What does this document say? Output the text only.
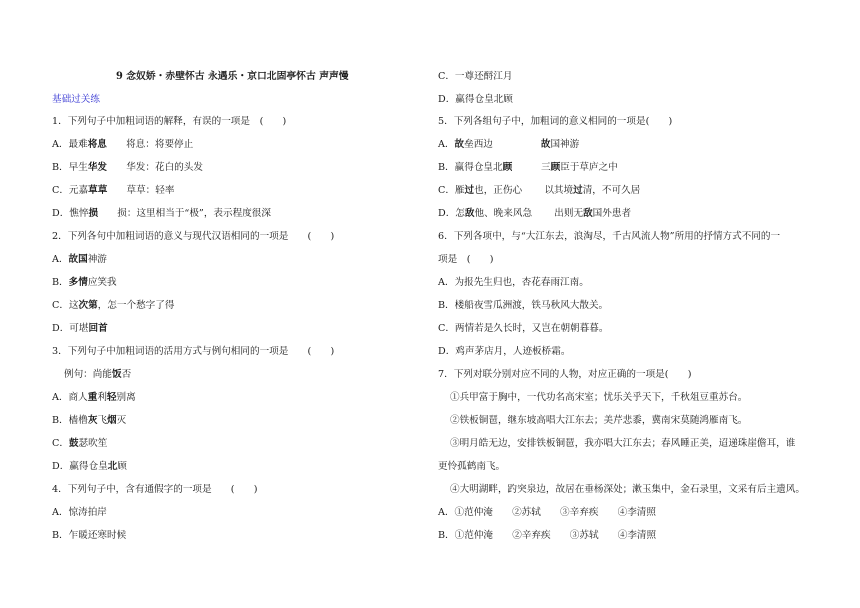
9 念奴娇・赤壁怀古 永遇乐・京口北固亭怀古 声声慢
基础过关练
1．下列句子中加粗词语的解释，有误的一项是　(　　)
A．最难将息　　将息：将要停止
B．早生华发　　华发：花白的头发
C．元嘉草草　　草草：轻率
D．憔悴损　　损：这里相当于“极”，表示程度很深
2．下列各句中加粗词语的意义与现代汉语相同的一项是　　(　　)
A．故国神游
B．多情应笑我
C．这次第，怎一个愁字了得
D．可堪回首
3．下列句子中加粗词语的活用方式与例句相同的一项是　　(　　)
例句：尚能饭否
A．商人重利轻别离
B．樯橹灰飞烟灭
C．鼓瑟吹笙
D．赢得仓皇北顾
4．下列句子中，含有通假字的一项是　　(　　)
A．惊涛拍岸
B．乍暖还寒时候
C．一尊还酹江月
D．赢得仓皇北顾
5．下列各组句子中，加粗词的意义相同的一项是(　　)
A．故垒西边　　　　　故国神游
B．赢得仓皇北顾　　　三顾臣于草庐之中
C．雁过也，正伤心　　 以其境过清，不可久居
D．怎敌他、晚来风急　　 出则无敌国外患者
6．下列各项中，与“大江东去，浪淘尽，千古风流人物”所用的抒情方式不同的一
项是　(　　)
A．为报先生归也，杏花春雨江南。
B．楼船夜雪瓜洲渡，铁马秋风大散关。
C．两情若是久长时，又岂在朝朝暮暮。
D．鸡声茅店月，人迹板桥霜。
7．下列对联分别对应不同的人物，对应正确的一项是(　　)
①兵甲富于胸中，一代功名高宋室；忧乐关乎天下，千秋俎豆重苏台。
②铁板铜琶，继东坡高唱大江东去；美芹悲黍，冀南宋莫随鸿雁南飞。
③明月皓无边，安排铁板铜琶，我亦唱大江东去；春风睡正美，迢递珠崖儋耳，谁
更怜孤鹤南飞。
④大明湖畔，趵突泉边，故居在垂杨深处；漱玉集中，金石录里，文采有后主遗风。
A．①范仲淹　　②苏轼　　③辛弃疾　　④李清照
B．①范仲淹　　②辛弃疾　　③苏轼　　④李清照
